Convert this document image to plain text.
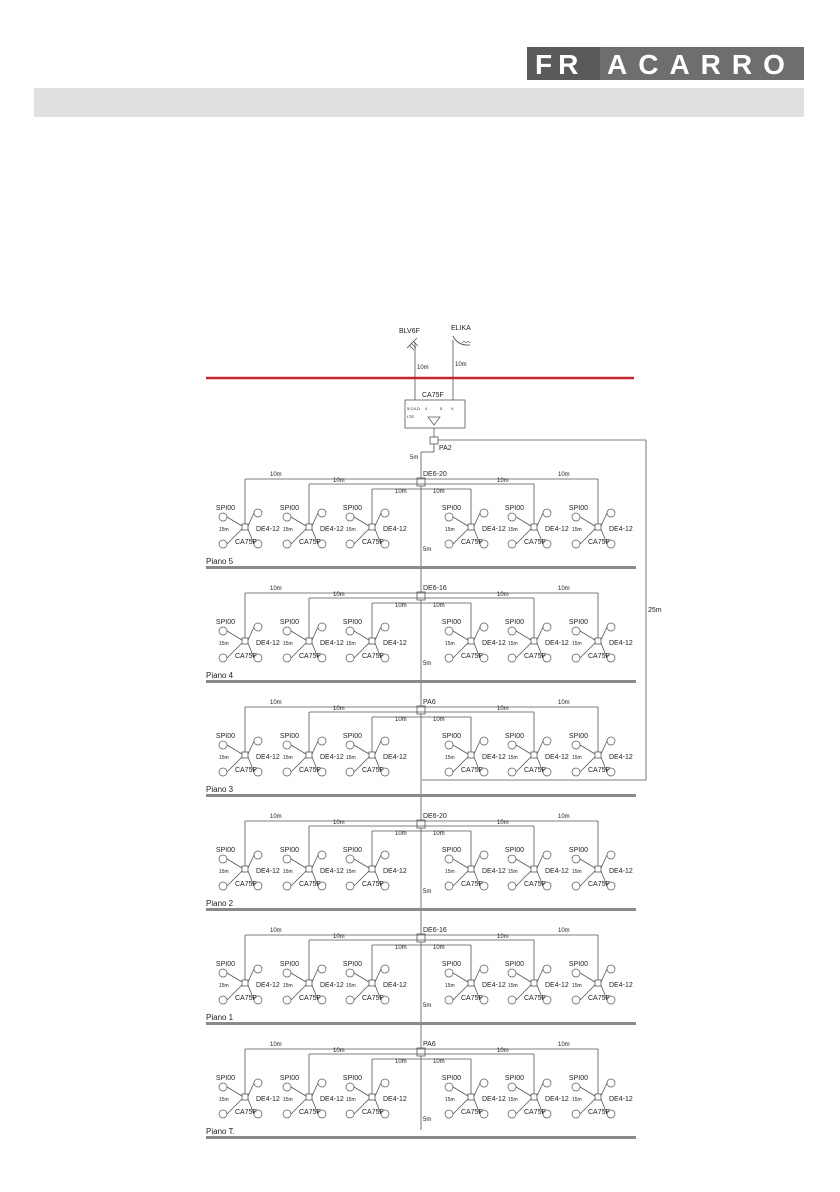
FR ACARRO
BLV6F
10m
ELIKA
10m
CA75F
5÷24,D 4	5 V
LTE
PA2
5m
25m
DE6-20
10m	10m
10m	10m
10m	10m
SPI00
15m	DE4-12
CA75F
SPI00
15m	DE4-12
CA75F
SPI00
15m	DE4-12
CA75F
SPI00
15m	DE4-12
CA75F
SPI00
15m	DE4-12
CA75F
SPI00
15m	DE4-12
CA75F
5m
Piano 5
DE6-16
10m	10m
10m	10m
10m	10m
SPI00
15m	DE4-12
CA75F
SPI00
15m	DE4-12
CA75F
SPI00
15m	DE4-12
CA75F
SPI00
15m	DE4-12
CA75F
SPI00
15m	DE4-12
CA75F
SPI00
15m	DE4-12
CA75F
5m
Piano 4
PA6
10m	10m
10m	10m
10m	10m
SPI00
15m	DE4-12
CA75F
SPI00
15m	DE4-12
CA75F
SPI00
15m	DE4-12
CA75F
SPI00
15m	DE4-12
CA75F
SPI00
15m	DE4-12
CA75F
SPI00
15m	DE4-12
CA75F
Piano 3
DE6-20
10m	10m
10m	10m
10m	10m
SPI00
15m	DE4-12
CA75F
SPI00
15m	DE4-12
CA75F
SPI00
15m	DE4-12
CA75F
SPI00
15m	DE4-12
CA75F
SPI00
15m	DE4-12
CA75F
SPI00
15m	DE4-12
CA75F
5m
Piano 2
DE6-16
10m	10m
10m	10m
10m	10m
SPI00
15m	DE4-12
CA75F
SPI00
15m	DE4-12
CA75F
SPI00
15m	DE4-12
CA75F
SPI00
15m	DE4-12
CA75F
SPI00
15m	DE4-12
CA75F
SPI00
15m	DE4-12
CA75F
5m
Piano 1
PA6
10m	10m
10m	10m
10m	10m
SPI00
15m	DE4-12
CA75F
SPI00
15m	DE4-12
CA75F
SPI00
15m	DE4-12
CA75F
SPI00
15m	DE4-12
CA75F
SPI00
15m	DE4-12
CA75F
SPI00
15m	DE4-12
CA75F
5m
Piano T.
